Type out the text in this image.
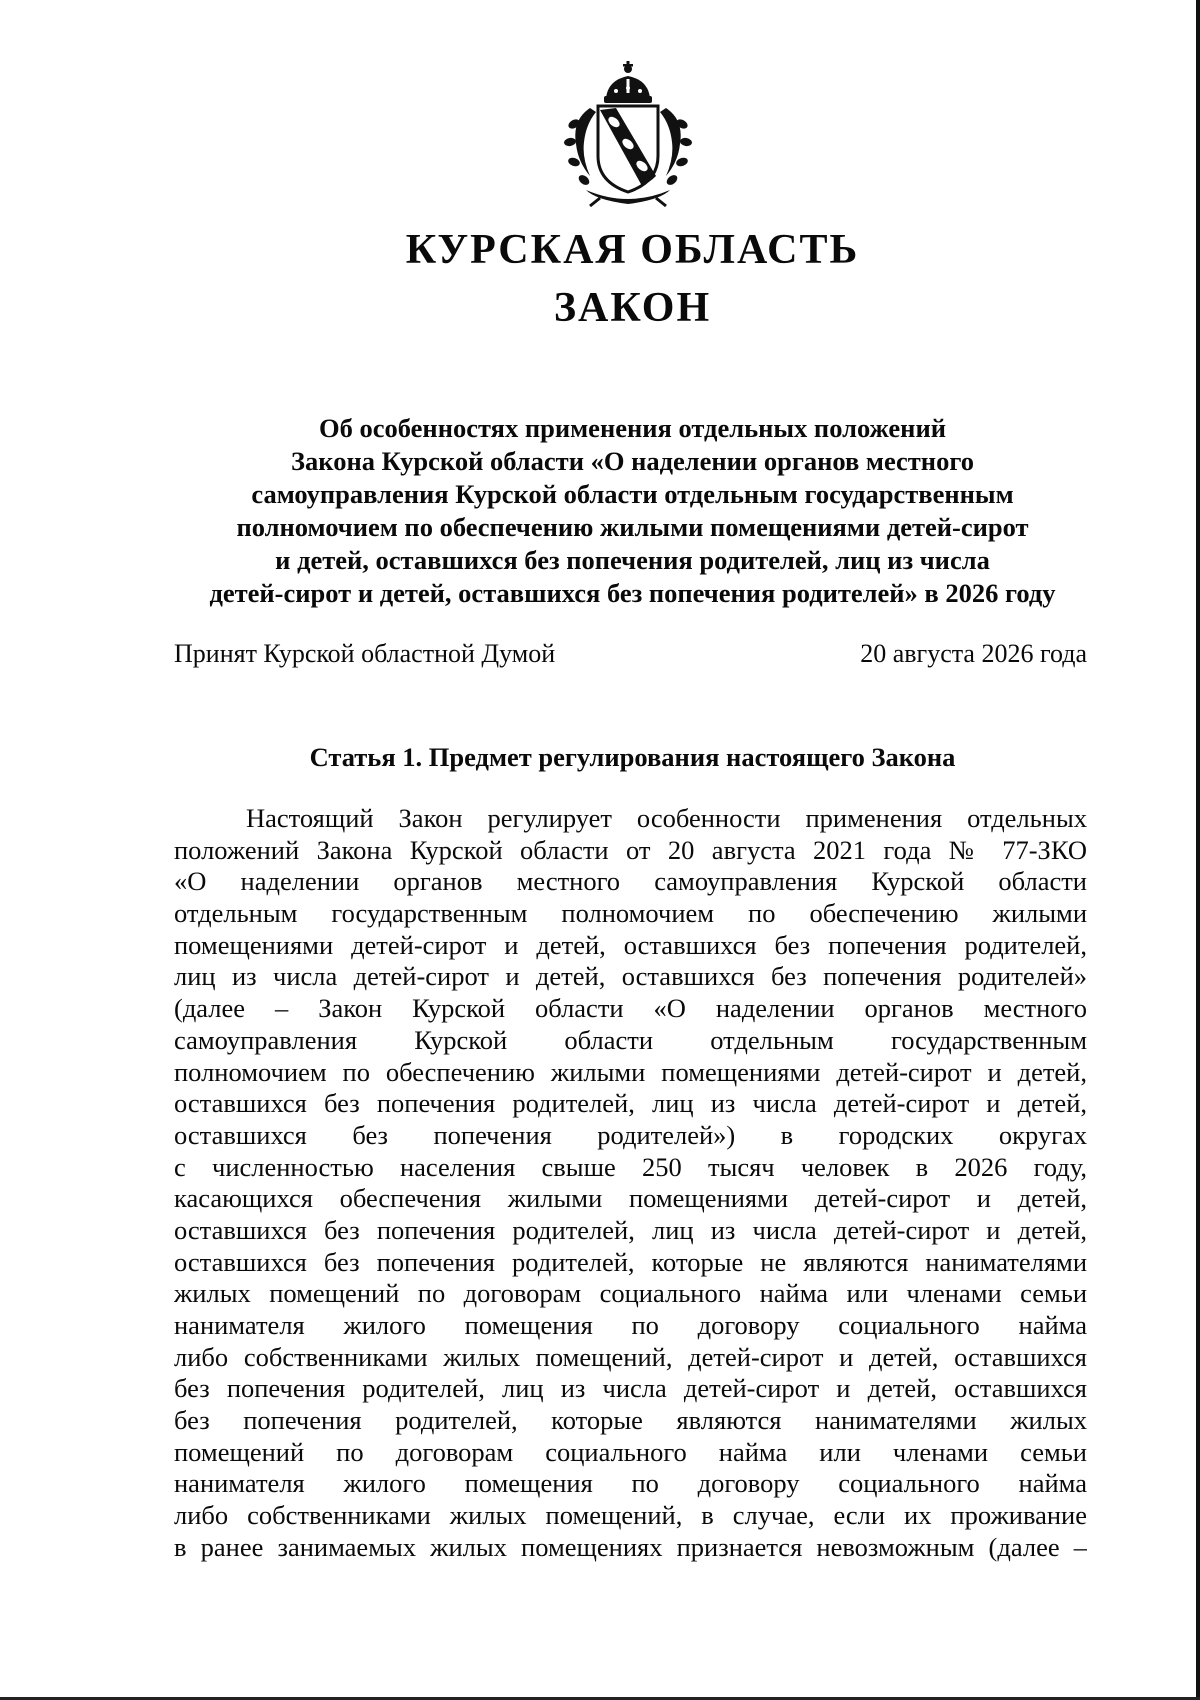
КУРСКАЯ ОБЛАСТЬ
ЗАКОН
Об особенностях применения отдельных положений
Закона Курской области «О наделении органов местного
самоуправления Курской области отдельным государственным
полномочием по обеспечению жилыми помещениями детей-сирот
и детей, оставшихся без попечения родителей, лиц из числа
детей-сирот и детей, оставшихся без попечения родителей» в 2026 году
Принят Курской областной Думой	20 августа 2026 года
Статья 1. Предмет регулирования настоящего Закона
Настоящий Закон регулирует особенности применения отдельных
положений Закона Курской области от 20 августа 2021 года № 77-ЗКО
«О наделении органов местного самоуправления Курской области
отдельным государственным полномочием по обеспечению жилыми
помещениями детей-сирот и детей, оставшихся без попечения родителей,
лиц из числа детей-сирот и детей, оставшихся без попечения родителей»
(далее – Закон Курской области «О наделении органов местного
самоуправления Курской области отдельным государственным
полномочием по обеспечению жилыми помещениями детей-сирот и детей,
оставшихся без попечения родителей, лиц из числа детей-сирот и детей,
оставшихся без попечения родителей») в городских округах
с численностью населения свыше 250 тысяч человек в 2026 году,
касающихся обеспечения жилыми помещениями детей-сирот и детей,
оставшихся без попечения родителей, лиц из числа детей-сирот и детей,
оставшихся без попечения родителей, которые не являются нанимателями
жилых помещений по договорам социального найма или членами семьи
нанимателя жилого помещения по договору социального найма
либо собственниками жилых помещений, детей-сирот и детей, оставшихся
без попечения родителей, лиц из числа детей-сирот и детей, оставшихся
без попечения родителей, которые являются нанимателями жилых
помещений по договорам социального найма или членами семьи
нанимателя жилого помещения по договору социального найма
либо собственниками жилых помещений, в случае, если их проживание
в ранее занимаемых жилых помещениях признается невозможным (далее –
